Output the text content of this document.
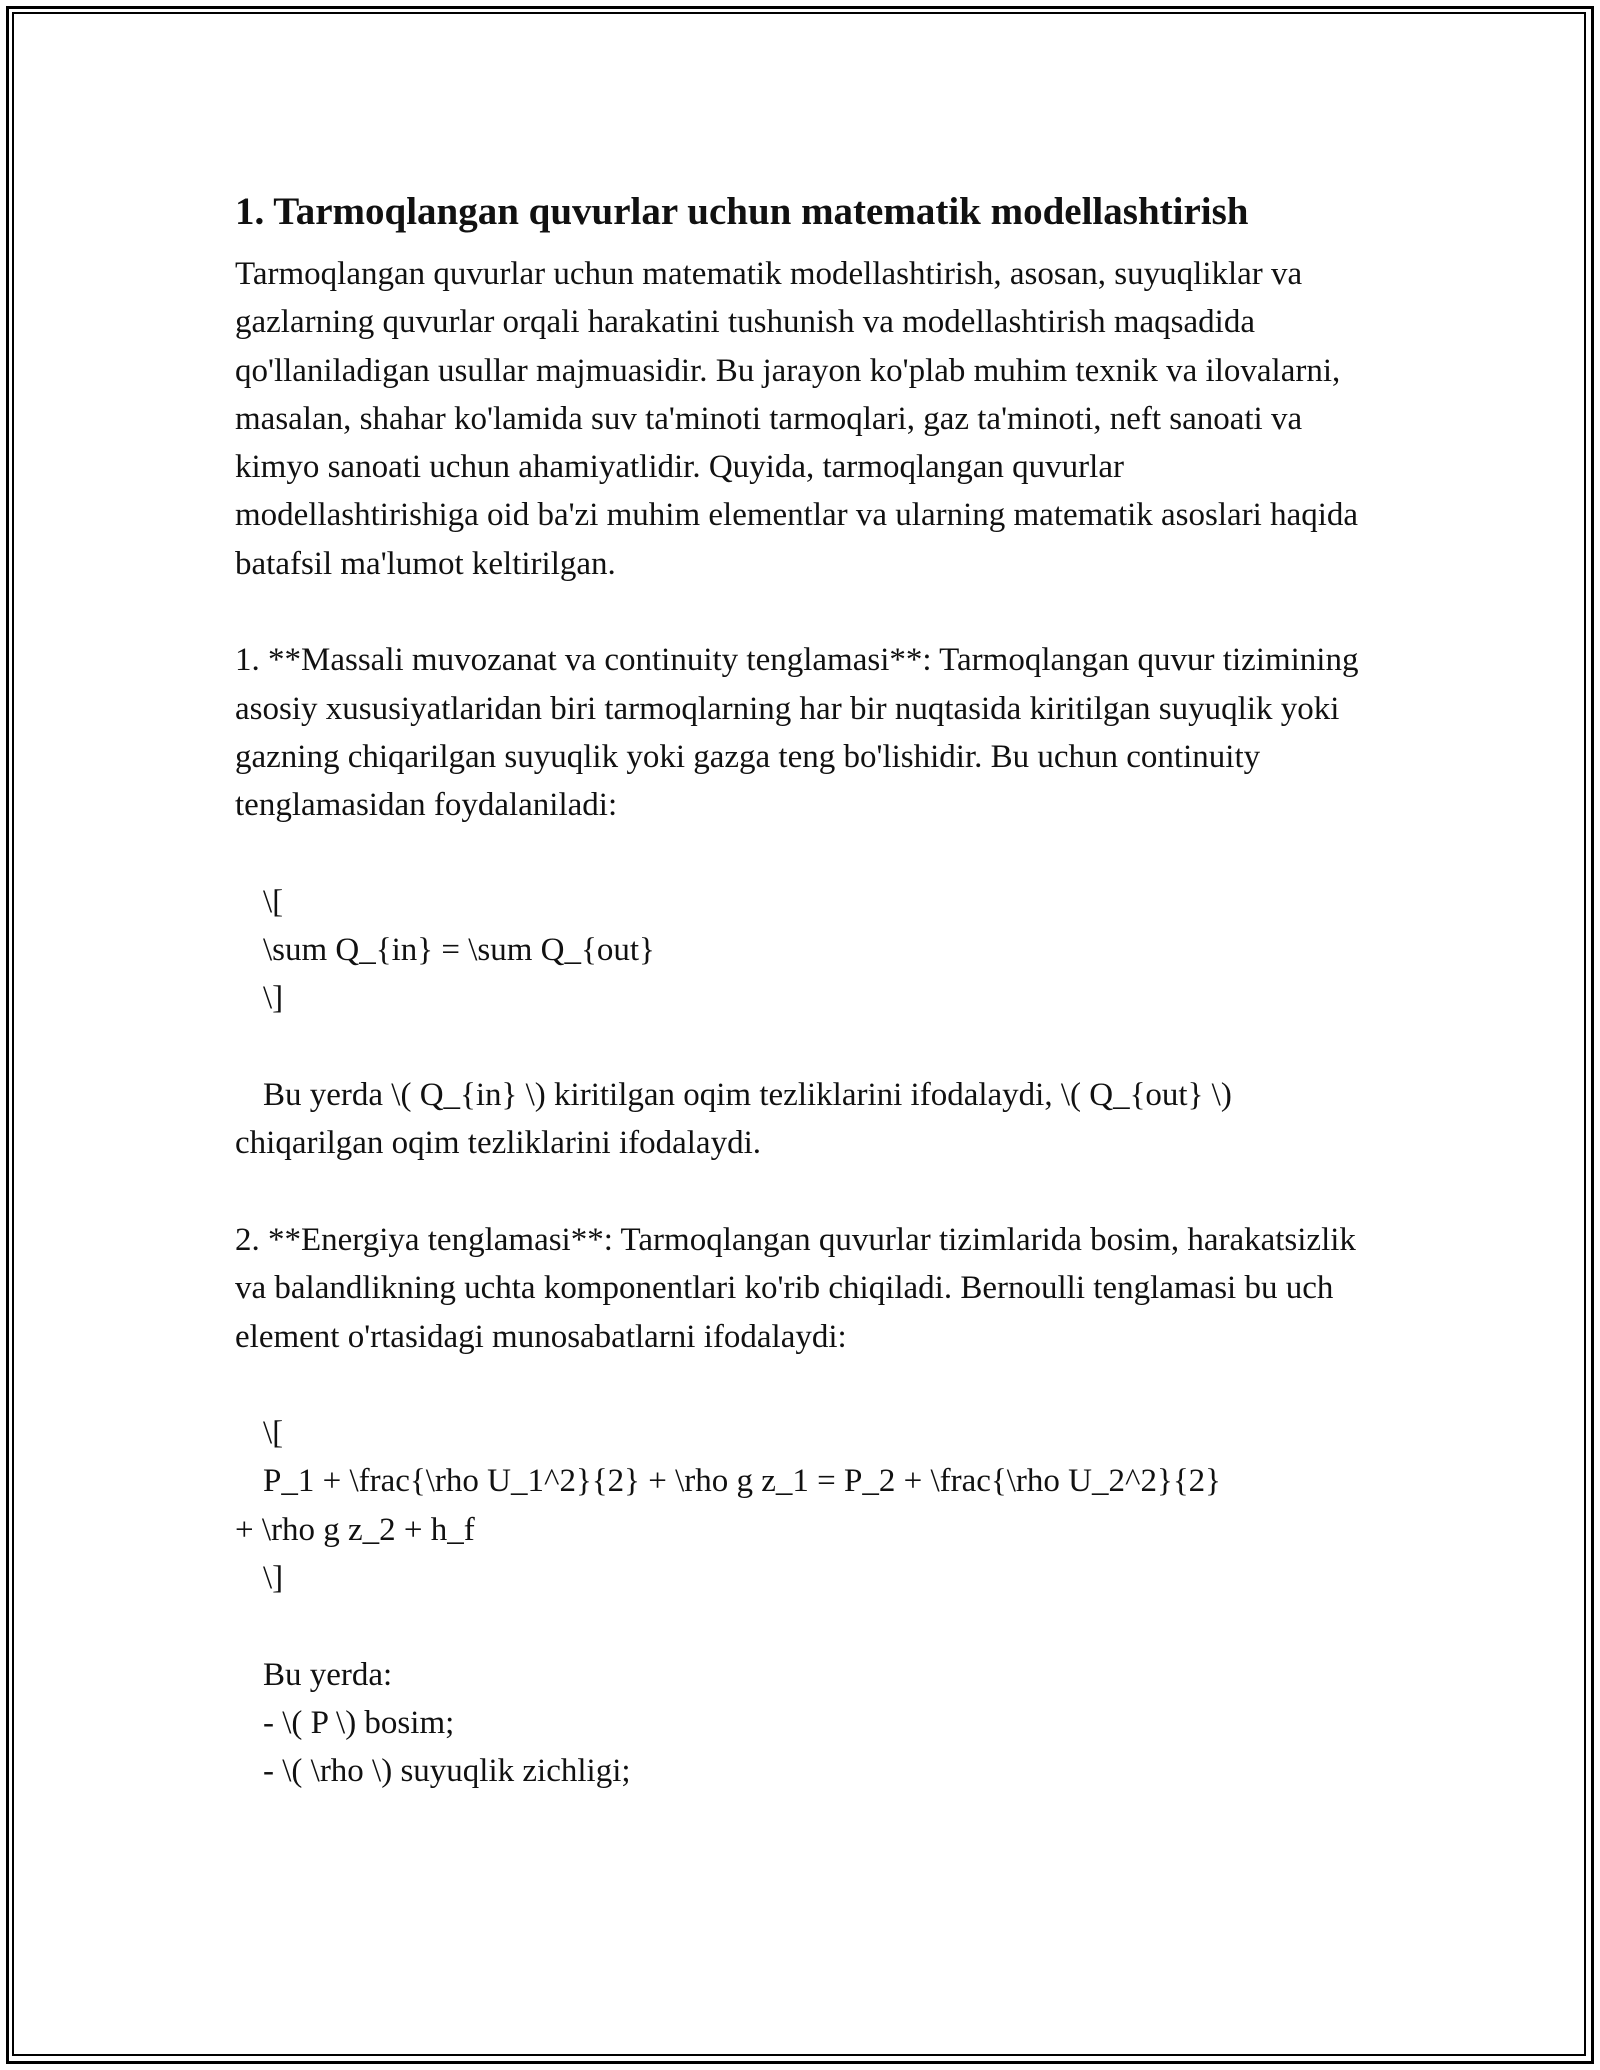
1. Tarmoqlangan quvurlar uchun matematik modellashtirish

Tarmoqlangan quvurlar uchun matematik modellashtirish, asosan, suyuqliklar va gazlarning quvurlar orqali harakatini tushunish va modellashtirish maqsadida qo'llaniladigan usullar majmuasidir. Bu jarayon ko'plab muhim texnik va ilovalarni, masalan, shahar ko'lamida suv ta'minoti tarmoqlari, gaz ta'minoti, neft sanoati va kimyo sanoati uchun ahamiyatlidir. Quyida, tarmoqlangan quvurlar modellashtirishiga oid ba'zi muhim elementlar va ularning matematik asoslari haqida batafsil ma'lumot keltirilgan.

1. **Massali muvozanat va continuity tenglamasi**: Tarmoqlangan quvur tizimining asosiy xususiyatlaridan biri tarmoqlarning har bir nuqtasida kiritilgan suyuqlik yoki gazning chiqarilgan suyuqlik yoki gazga teng bo'lishidir. Bu uchun continuity tenglamasidan foydalaniladi:

\[
\sum Q_{in} = \sum Q_{out}
\]

Bu yerda \( Q_{in} \) kiritilgan oqim tezliklarini ifodalaydi, \( Q_{out} \) chiqarilgan oqim tezliklarini ifodalaydi.

2. **Energiya tenglamasi**: Tarmoqlangan quvurlar tizimlarida bosim, harakatsizlik va balandlikning uchta komponentlari ko'rib chiqiladi. Bernoulli tenglamasi bu uch element o'rtasidagi munosabatlarni ifodalaydi:

\[
P_1 + \frac{\rho U_1^2}{2} + \rho g z_1 = P_2 + \frac{\rho U_2^2}{2}
+ \rho g z_2 + h_f
\]
Bu yerda:
- \( P \) bosim;
- \( \rho \) suyuqlik zichligi;
